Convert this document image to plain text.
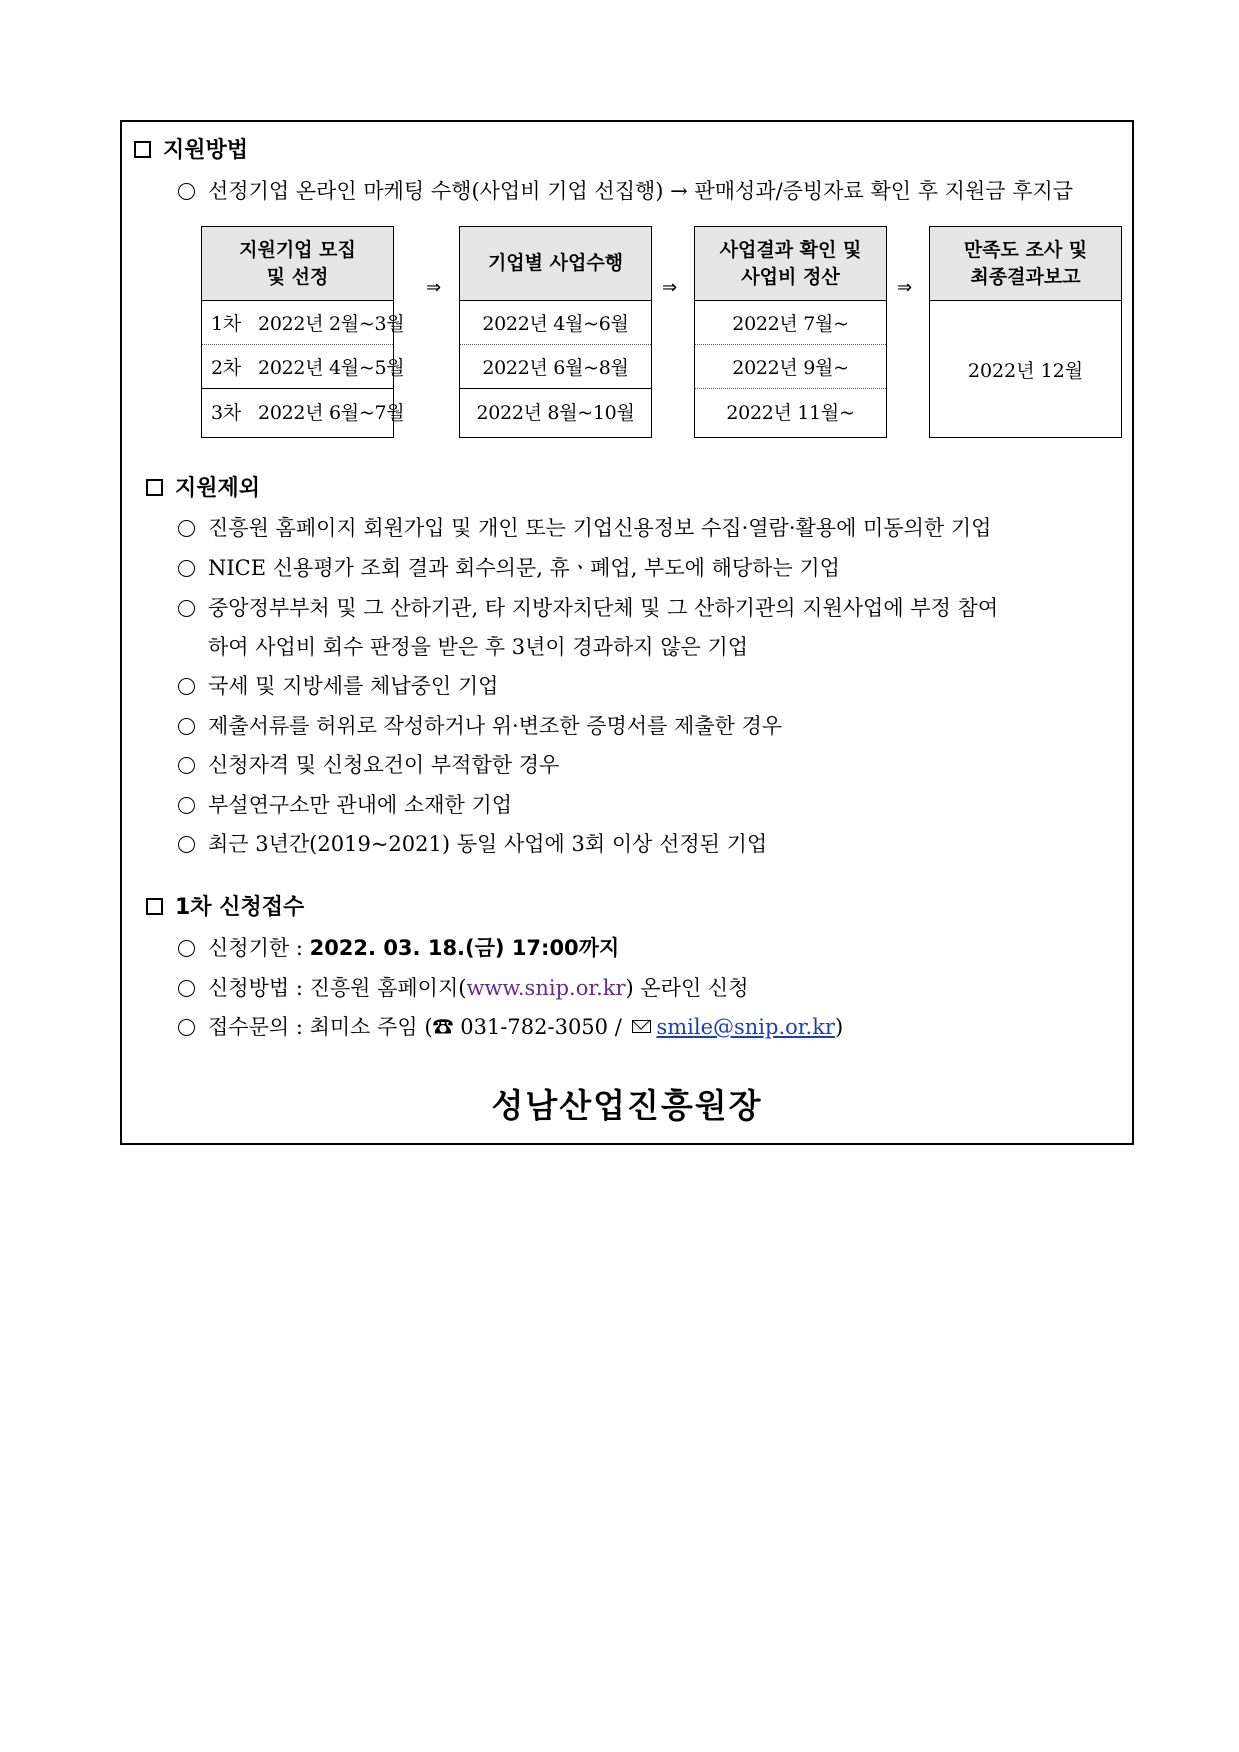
지원방법
선정기업 온라인 마케팅 수행(사업비 기업 선집행) → 판매성과/증빙자료 확인 후 지원금 후지급
지원기업 모집
및 선정
1차   2022년 2월~3월
2차   2022년 4월~5월
3차   2022년 6월~7월
⇒
기업별 사업수행
2022년 4월~6월
2022년 6월~8월
2022년 8월~10월
⇒
사업결과 확인 및
사업비 정산
2022년 7월~
2022년 9월~
2022년 11월~
⇒
만족도 조사 및
최종결과보고
2022년 12월
지원제외
진흥원 홈페이지 회원가입 및 개인 또는 기업신용정보 수집·열람·활용에 미동의한 기업
NICE 신용평가 조회 결과 회수의문, 휴ㆍ폐업, 부도에 해당하는 기업
중앙정부부처 및 그 산하기관, 타 지방자치단체 및 그 산하기관의 지원사업에 부정 참여
하여 사업비 회수 판정을 받은 후 3년이 경과하지 않은 기업
국세 및 지방세를 체납중인 기업
제출서류를 허위로 작성하거나 위·변조한 증명서를 제출한 경우
신청자격 및 신청요건이 부적합한 경우
부설연구소만 관내에 소재한 기업
최근 3년간(2019~2021) 동일 사업에 3회 이상 선정된 기업
1차 신청접수
신청기한 : 2022. 03. 18.(금) 17:00까지
신청방법 : 진흥원 홈페이지(www.snip.or.kr) 온라인 신청
접수문의 : 최미소 주임 (☎ 031-782-3050 / smile@snip.or.kr)
성남산업진흥원장
